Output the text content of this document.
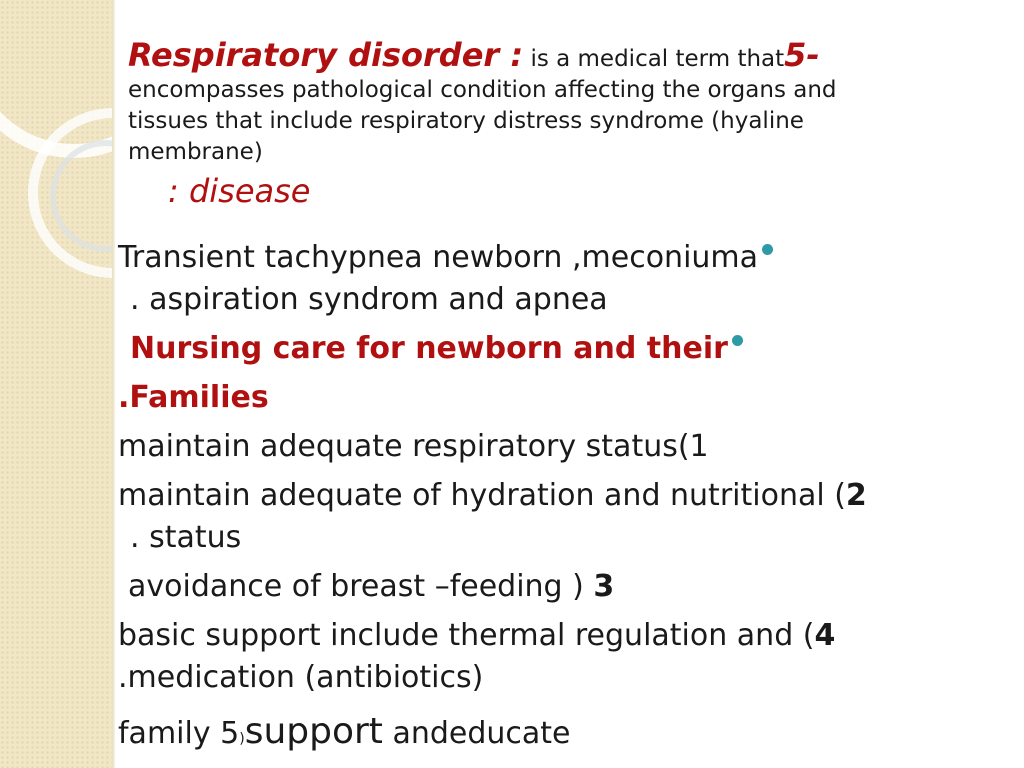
Respiratory disorder : is a medical term that5-
encompasses pathological condition affecting the organs and
tissues that include respiratory distress syndrome (hyaline
membrane)
: disease
Transient tachypnea newborn ,meconiuma
. aspiration syndrom and apnea
Nursing care for newborn and their
.Families
maintain adequate respiratory status(1
maintain adequate of hydration and nutritional (2
. status
avoidance of breast –feeding ) 3
basic support include thermal regulation and (4
.medication (antibiotics)
family 5)support andeducate
